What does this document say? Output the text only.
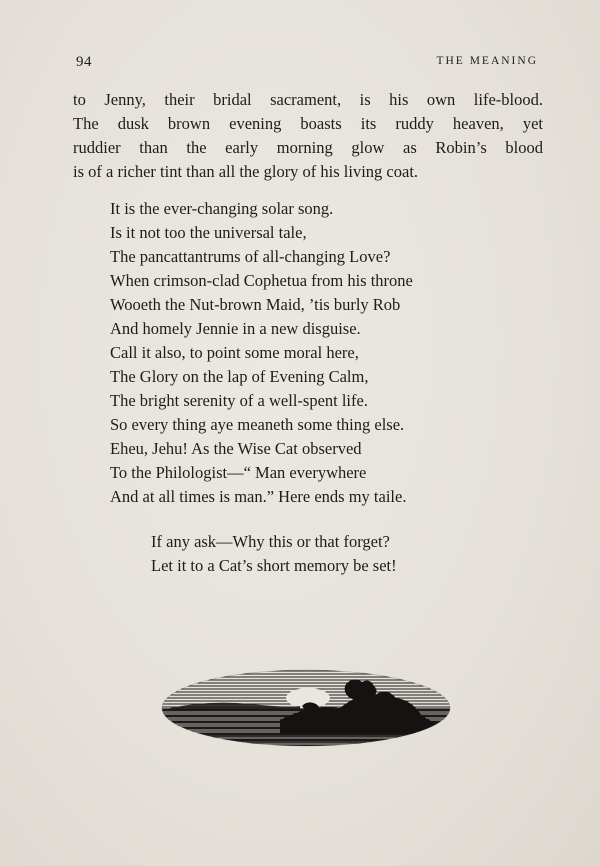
94	THE MEANING
to Jenny, their bridal sacrament, is his own life-blood.
The dusk brown evening boasts its ruddy heaven, yet
ruddier than the early morning glow as Robin’s blood
is of a richer tint than all the glory of his living coat.
It is the ever-changing solar song.
Is it not too the universal tale,
The pancattantrums of all-changing Love?
When crimson-clad Cophetua from his throne
Wooeth the Nut-brown Maid, ’tis burly Rob
And homely Jennie in a new disguise.
Call it also, to point some moral here,
The Glory on the lap of Evening Calm,
The bright serenity of a well-spent life.
So every thing aye meaneth some thing else.
Eheu, Jehu! As the Wise Cat observed
To the Philologist—“ Man everywhere
And at all times is man.” Here ends my taile.
If any ask—Why this or that forget?
Let it to a Cat’s short memory be set!
